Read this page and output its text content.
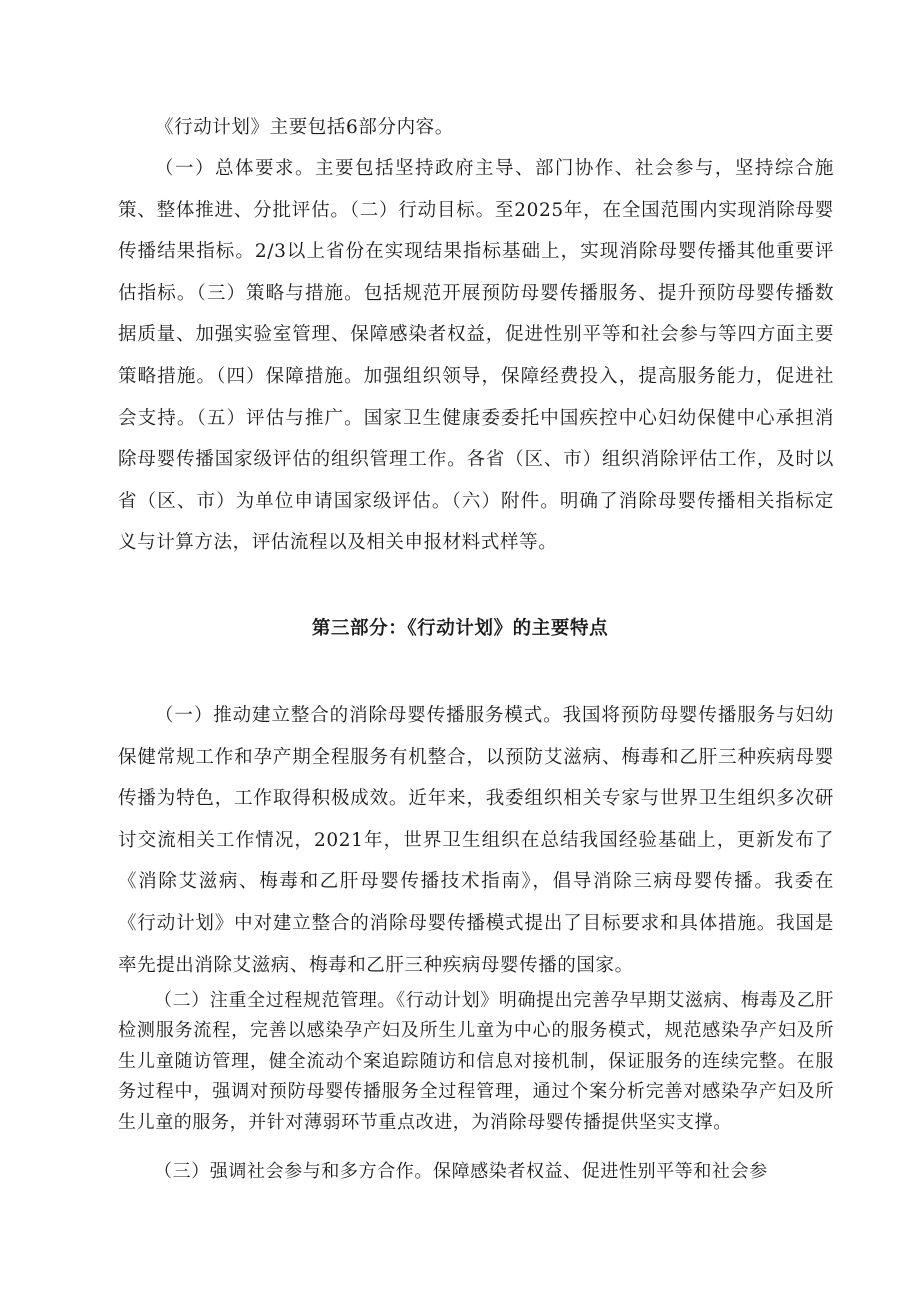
《行动计划》主要包括6部分内容。

（一）总体要求。主要包括坚持政府主导、部门协作、社会参与，坚持综合施策、整体推进、分批评估。（二）行动目标。至2025年，在全国范围内实现消除母婴传播结果指标。2/3以上省份在实现结果指标基础上，实现消除母婴传播其他重要评估指标。（三）策略与措施。包括规范开展预防母婴传播服务、提升预防母婴传播数据质量、加强实验室管理、保障感染者权益，促进性别平等和社会参与等四方面主要策略措施。（四）保障措施。加强组织领导，保障经费投入，提高服务能力，促进社会支持。（五）评估与推广。国家卫生健康委委托中国疾控中心妇幼保健中心承担消除母婴传播国家级评估的组织管理工作。各省（区、市）组织消除评估工作，及时以省（区、市）为单位申请国家级评估。（六）附件。明确了消除母婴传播相关指标定义与计算方法，评估流程以及相关申报材料式样等。

第三部分：《行动计划》的主要特点

（一）推动建立整合的消除母婴传播服务模式。我国将预防母婴传播服务与妇幼保健常规工作和孕产期全程服务有机整合，以预防艾滋病、梅毒和乙肝三种疾病母婴传播为特色，工作取得积极成效。近年来，我委组织相关专家与世界卫生组织多次研讨交流相关工作情况，2021年，世界卫生组织在总结我国经验基础上，更新发布了《消除艾滋病、梅毒和乙肝母婴传播技术指南》，倡导消除三病母婴传播。我委在《行动计划》中对建立整合的消除母婴传播模式提出了目标要求和具体措施。我国是率先提出消除艾滋病、梅毒和乙肝三种疾病母婴传播的国家。

（二）注重全过程规范管理。《行动计划》明确提出完善孕早期艾滋病、梅毒及乙肝检测服务流程，完善以感染孕产妇及所生儿童为中心的服务模式，规范感染孕产妇及所生儿童随访管理，健全流动个案追踪随访和信息对接机制，保证服务的连续完整。在服务过程中，强调对预防母婴传播服务全过程管理，通过个案分析完善对感染孕产妇及所生儿童的服务，并针对薄弱环节重点改进，为消除母婴传播提供坚实支撑。

（三）强调社会参与和多方合作。保障感染者权益、促进性别平等和社会参
